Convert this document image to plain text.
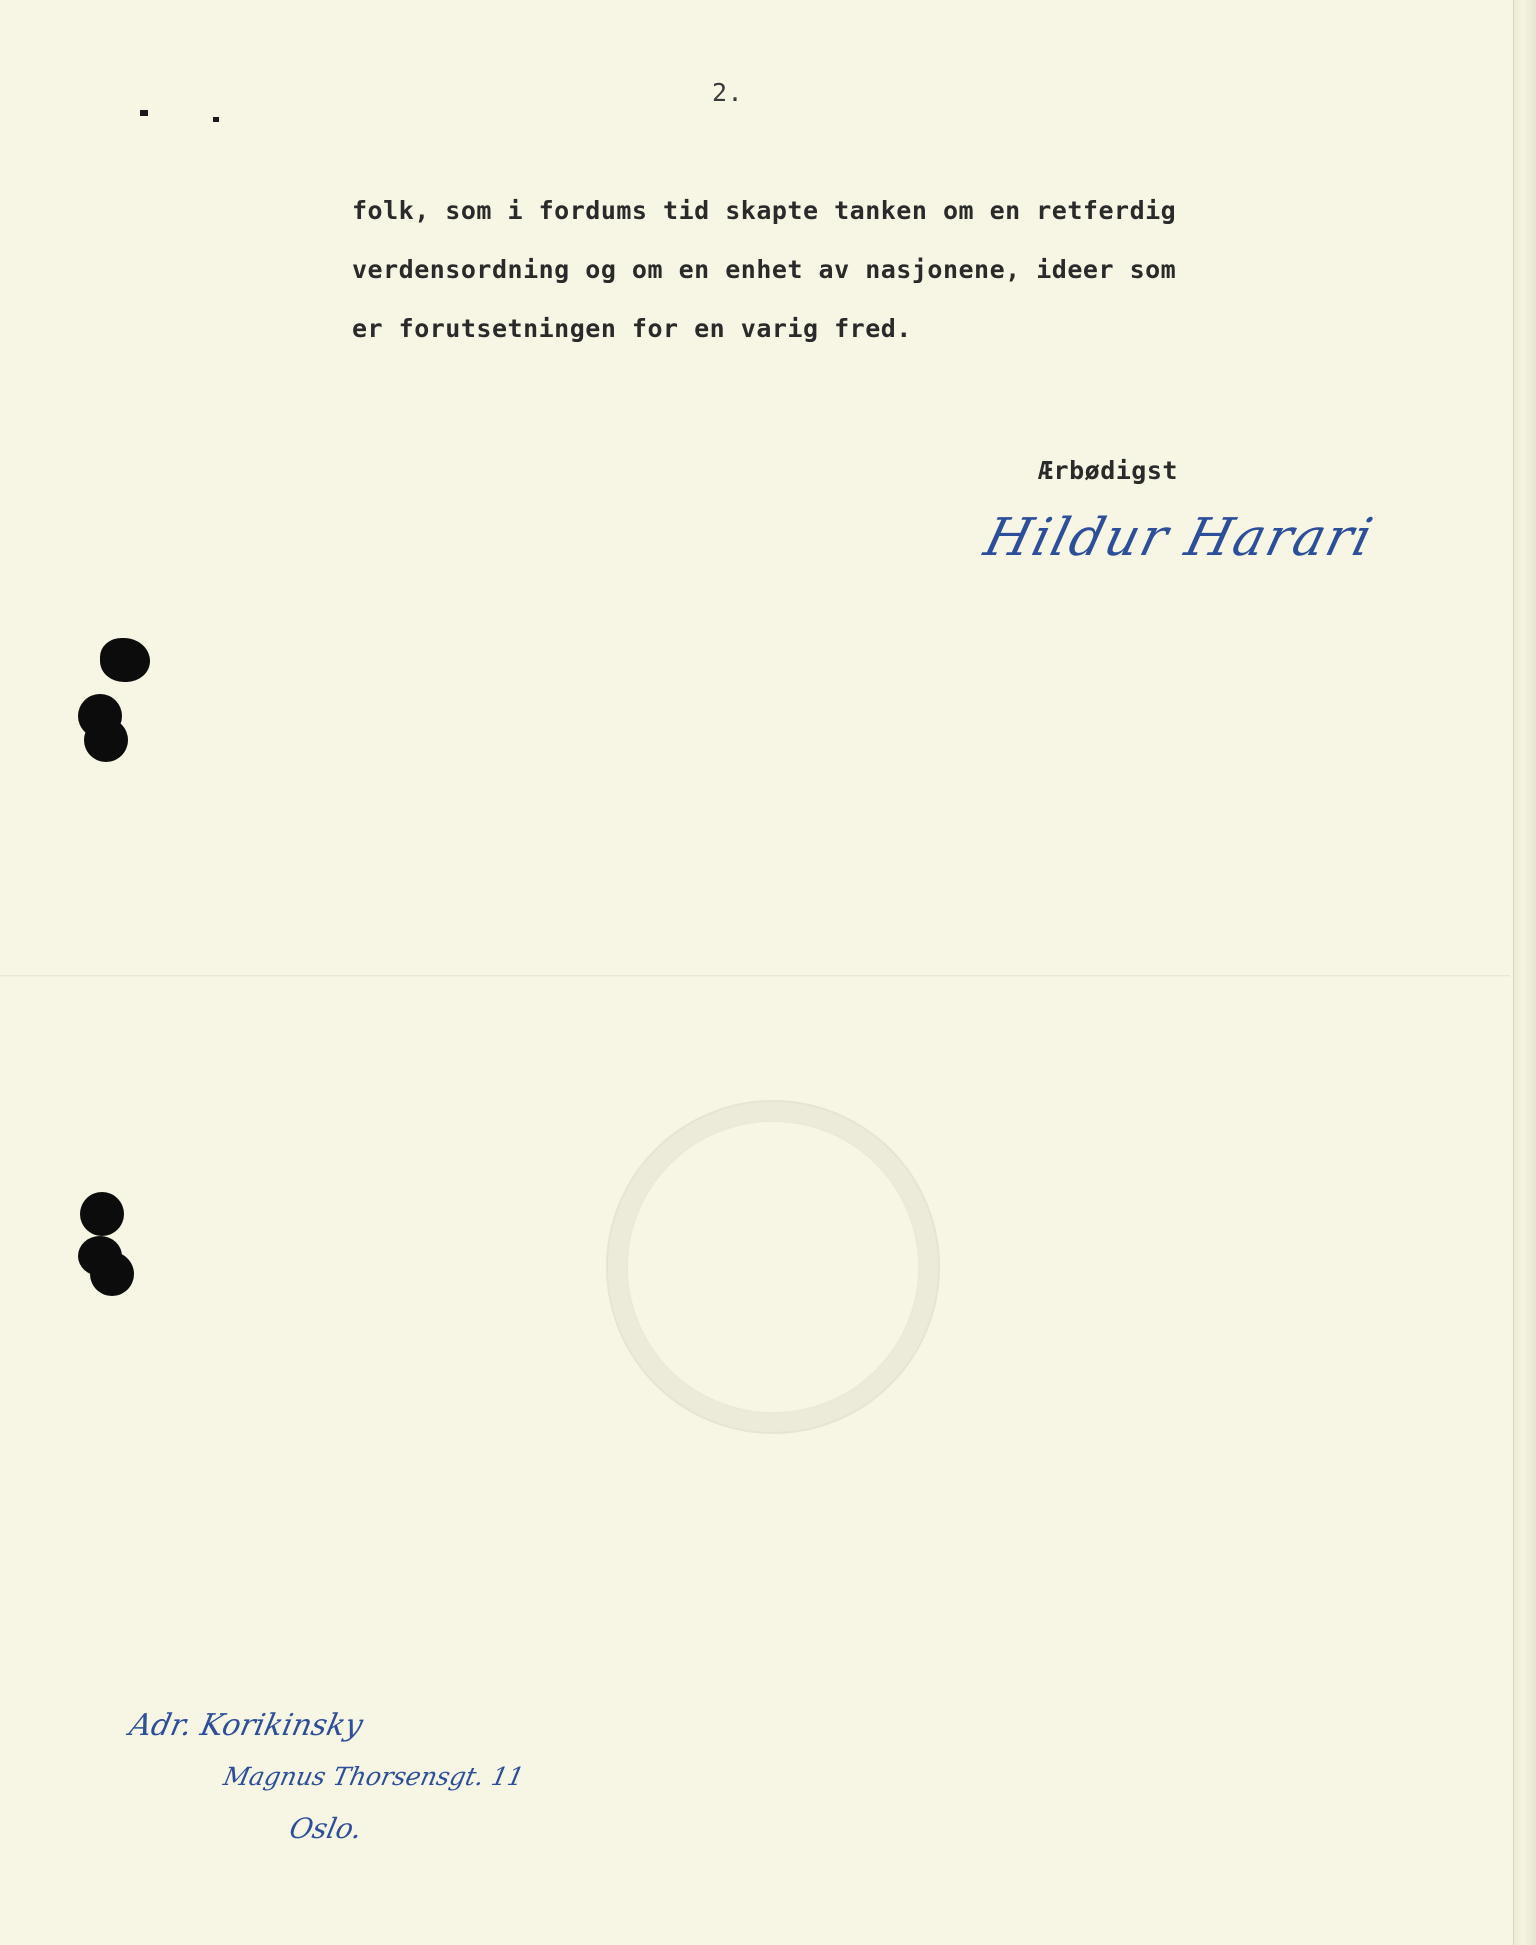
2.
folk, som i fordums tid skapte tanken om en retferdig
verdensordning og om en enhet av nasjonene, ideer som
er forutsetningen for en varig fred.
Ærbødigst
Hildur Harari
Adr. Korikinsky
Magnus Thorsensgt. 11
Oslo.
